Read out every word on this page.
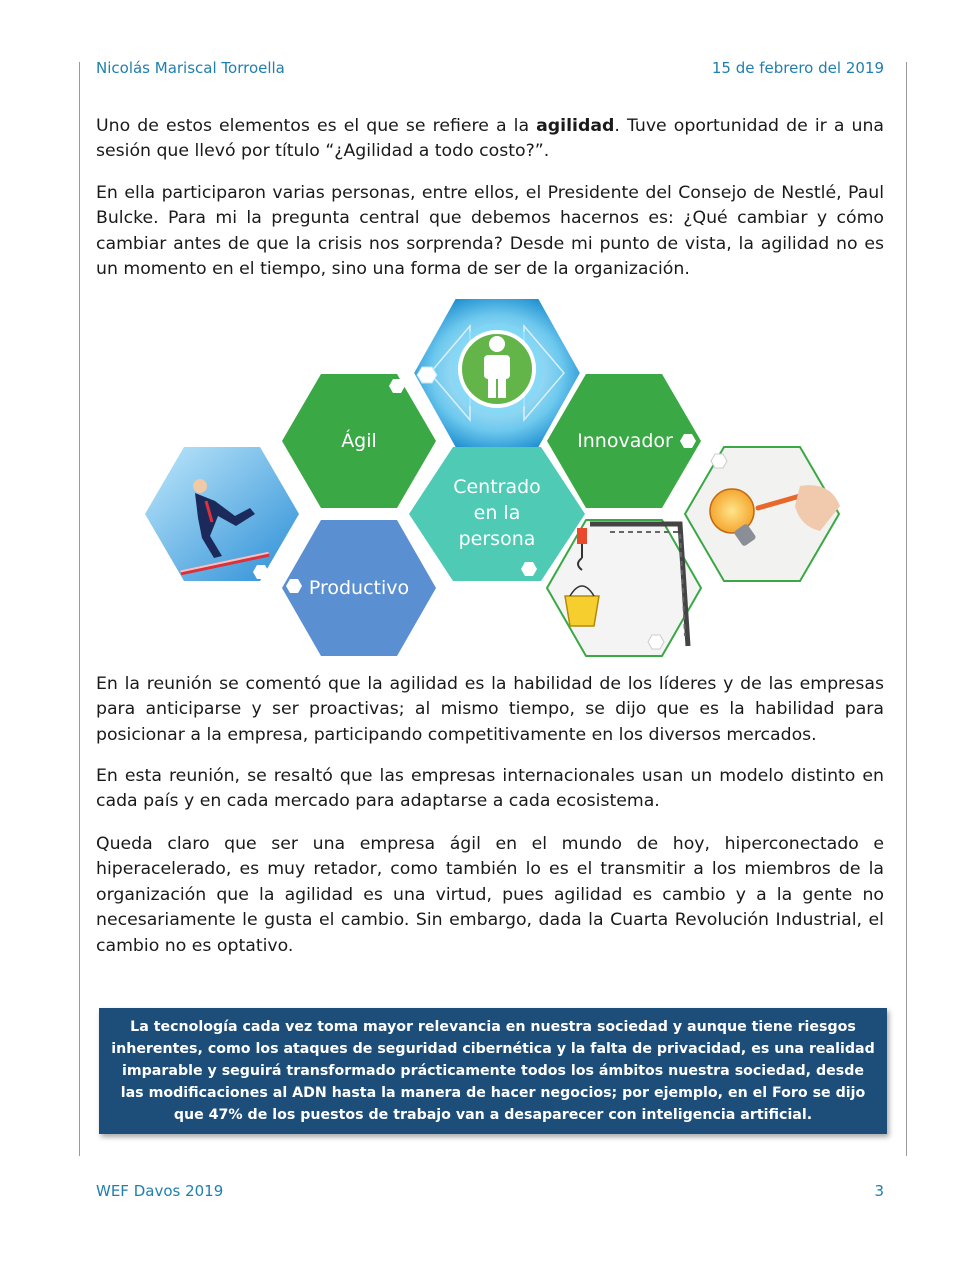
Nicolás Mariscal Torroella	15 de febrero del 2019

Uno de estos elementos es el que se refiere a la agilidad. Tuve oportunidad de ir a una sesión que llevó por título “¿Agilidad a todo costo?”.

En ella participaron varias personas, entre ellos, el Presidente del Consejo de Nestlé, Paul Bulcke. Para mi la pregunta central que debemos hacernos es: ¿Qué cambiar y cómo cambiar antes de que la crisis nos sorprenda? Desde mi punto de vista, la agilidad no es un momento en el tiempo, sino una forma de ser de la organización.

Ágil	Innovador
Centrado
en la
persona
Productivo

En la reunión se comentó que la agilidad es la habilidad de los líderes y de las empresas para anticiparse y ser proactivas; al mismo tiempo, se dijo que es la habilidad para posicionar a la empresa, participando competitivamente en los diversos mercados.

En esta reunión, se resaltó que las empresas internacionales usan un modelo distinto en cada país y en cada mercado para adaptarse a cada ecosistema.

Queda claro que ser una empresa ágil en el mundo de hoy, hiperconectado e hiperacelerado, es muy retador, como también lo es el transmitir a los miembros de la organización que la agilidad es una virtud, pues agilidad es cambio y a la gente no necesariamente le gusta el cambio. Sin embargo, dada la Cuarta Revolución Industrial, el cambio no es optativo.

La tecnología cada vez toma mayor relevancia en nuestra sociedad y aunque tiene riesgos inherentes, como los ataques de seguridad cibernética y la falta de privacidad, es una realidad imparable y seguirá transformado prácticamente todos los ámbitos nuestra sociedad, desde las modificaciones al ADN hasta la manera de hacer negocios; por ejemplo, en el Foro se dijo que 47% de los puestos de trabajo van a desaparecer con inteligencia artificial.
WEF Davos 2019	3
